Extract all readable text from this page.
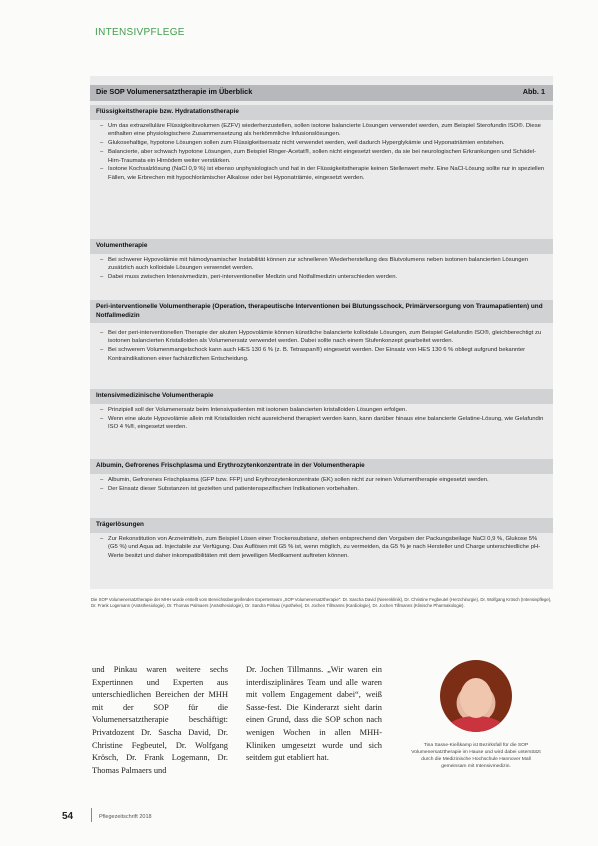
INTENSIVPFLEGE
Die SOP Volumenersatztherapie im Überblick	Abb. 1
Flüssigkeitstherapie bzw. Hydratationstherapie
– Um das extrazelluläre Flüssigkeitsvolumen (EZFV) wiederherzustellen, sollen isotone balancierte Lösungen verwendet werden, zum Beispiel Sterofundin ISO®. Diese enthalten eine physiologischere Zusammensetzung als herkömmliche Infusionslösungen.
– Glukosehaltige, hypotone Lösungen sollen zum Flüssigkeitsersatz nicht verwendet werden, weil dadurch Hyperglykämie und Hyponatriämien entstehen.
– Balancierte, aber schwach hypotone Lösungen, zum Beispiel Ringer-Acetat®, sollen nicht eingesetzt werden, da sie bei neurologischen Erkrankungen und Schädel-Hirn-Traumata ein Hirnödem weiter verstärken.
– Isotone Kochsalzlösung (NaCl 0,9 %) ist ebenso unphysiologisch und hat in der Flüssigkeitstherapie keinen Stellenwert mehr. Eine NaCl-Lösung sollte nur in speziellen Fällen, wie Erbrechen mit hypochlorämischer Alkalose oder bei Hyponatriämie, eingesetzt werden.
Volumentherapie
– Bei schwerer Hypovolämie mit hämodynamischer Instabilität können zur schnelleren Wiederherstellung des Blutvolumens neben isotonen balancierten Lösungen zusätzlich auch kolloidale Lösungen verwendet werden.
– Dabei muss zwischen Intensivmedizin, peri-interventioneller Medizin und Notfallmedizin unterschieden werden.
Peri-interventionelle Volumentherapie (Operation, therapeutische Interventionen bei Blutungsschock, Primärversorgung von Traumapatienten) und Notfallmedizin
– Bei der peri-interventionellen Therapie der akuten Hypovolämie können künstliche balancierte kolloidale Lösungen, zum Beispiel Gelafundin ISO®, gleichberechtigt zu isotonen balancierten Kristalloiden als Volumenersatz verwendet werden. Dabei sollte nach einem Stufenkonzept gearbeitet werden.
– Bei schwerem Volumenmangelschock kann auch HES 130 6 % (z. B. Tetraspan®) eingesetzt werden. Der Einsatz von HES 130 6 % obliegt aufgrund bekannter Kontraindikationen einer fachärztlichen Entscheidung.
Intensivmedizinische Volumentherapie
– Prinzipiell soll der Volumenersatz beim Intensivpatienten mit isotonen balancierten kristalloiden Lösungen erfolgen.
– Wenn eine akute Hypovolämie allein mit Kristalloiden nicht ausreichend therapiert werden kann, kann darüber hinaus eine balancierte Gelatine-Lösung, wie Gelafundin ISO 4 %®, eingesetzt werden.
Albumin, Gefrorenes Frischplasma und Erythrozytenkonzentrate in der Volumentherapie
– Albumin, Gefrorenes Frischplasma (GFP bzw. FFP) und Erythrozytenkonzentrate (EK) sollen nicht zur reinen Volumentherapie eingesetzt werden.
– Der Einsatz dieser Substanzen ist gezielten und patientenspezifischen Indikationen vorbehalten.
Trägerlösungen
– Zur Rekonstitution von Arzneimitteln, zum Beispiel Lösen einer Trockensubstanz, stehen entsprechend den Vorgaben der Packungsbeilage NaCl 0,9 %, Glukose 5% (G5 %) und Aqua ad. Injectabile zur Verfügung. Das Auflösen mit G5 % ist, wenn möglich, zu vermeiden, da G5 % je nach Hersteller und Charge unterschiedliche pH-Werte besitzt und daher inkompatibilitäten mit dem jeweiligen Medikament auftreten können.
Die SOP Volumenersatztherapie der MHH wurde erstellt vom Bereichsübergreifenden Expertenteam „SOP Volumenersatztherapie“: Dr. Sascha David (Nierenklinik), Dr. Christine Fegbeutel (Herzchirurgie), Dr. Wolfgang Krösch (Intensivpflege), Dr. Frank Logemann (Anästhesiologie), Dr. Thomas Palmaers (Anästhesiologie), Dr. Sandra Pinkau (Apotheke), Dr. Jochen Tillmanns (Kardiologie), Dr. Jochen Tillmanns (Klinische Pharmakologie).
und Pinkau waren weitere sechs Expertinnen und Experten aus unterschiedlichen Bereichen der MHH mit der SOP für die Volumenersatztherapie beschäftigt: Privatdozent Dr. Sascha David, Dr. Christine Fegbeutel, Dr. Wolfgang Krösch, Dr. Frank Logemann, Dr. Thomas Palmaers und
Dr. Jochen Tillmanns. „Wir waren ein interdisziplinäres Team und alle waren mit vollem Engagement dabei“, weiß Sasse-fest. Die Kinderarzt sieht darin einen Grund, dass die SOP schon nach wenigen Wochen in allen MHH-Kliniken umgesetzt wurde und sich seitdem gut etabliert hat.
Tina Sasse-Kießkamp ist Bezirksfall für die SOP Volumenersatztherapie im Hause und wird dabei unterstützt durch die Medizinische Hochschule Hannover Mall gemeinsam mit Intensivmedizin.
54	Pflegezeitschrift 2018
